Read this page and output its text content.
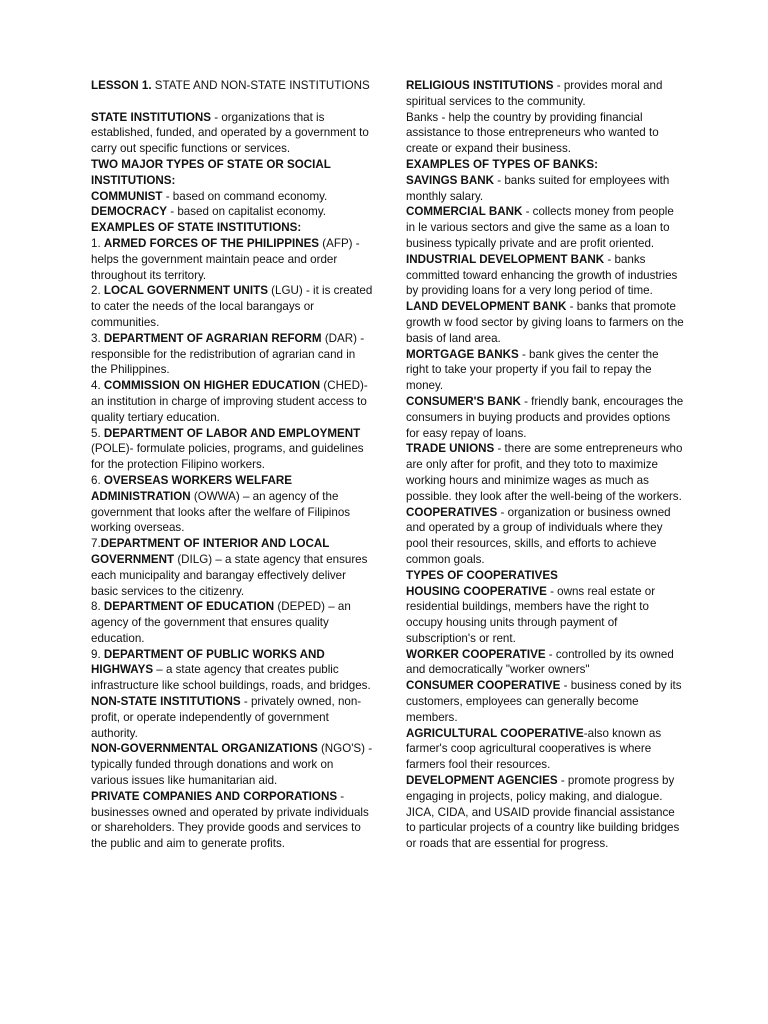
LESSON 1. STATE AND NON-STATE INSTITUTIONS

STATE INSTITUTIONS - organizations that is established, funded, and operated by a government to carry out specific functions or services.

TWO MAJOR TYPES OF STATE OR SOCIAL INSTITUTIONS:

COMMUNIST - based on command economy.

DEMOCRACY - based on capitalist economy.

EXAMPLES OF STATE INSTITUTIONS:

1. ARMED FORCES OF THE PHILIPPINES (AFP) - helps the government maintain peace and order throughout its territory.

2. LOCAL GOVERNMENT UNITS (LGU) - it is created to cater the needs of the local barangays or communities.

3. DEPARTMENT OF AGRARIAN REFORM (DAR) - responsible for the redistribution of agrarian cand in the Philippines.

4. COMMISSION ON HIGHER EDUCATION (CHED)-an institution in charge of improving student access to quality tertiary education.

5. DEPARTMENT OF LABOR AND EMPLOYMENT (POLE)- formulate policies, programs, and guidelines for the protection Filipino workers.

6. OVERSEAS WORKERS WELFARE ADMINISTRATION (OWWA) – an agency of the government that looks after the welfare of Filipinos working overseas.

7.DEPARTMENT OF INTERIOR AND LOCAL GOVERNMENT (DILG) – a state agency that ensures each municipality and barangay effectively deliver basic services to the citizenry.

8. DEPARTMENT OF EDUCATION (DEPED) – an agency of the government that ensures quality education.

9. DEPARTMENT OF PUBLIC WORKS AND HIGHWAYS – a state agency that creates public infrastructure like school buildings, roads, and bridges.

NON-STATE INSTITUTIONS - privately owned, non- profit, or operate independently of government authority.

NON-GOVERNMENTAL ORGANIZATIONS (NGO'S) - typically funded through donations and work on various issues like humanitarian aid.

PRIVATE COMPANIES AND CORPORATIONS - businesses owned and operated by private individuals or shareholders. They provide goods and services to the public and aim to generate profits.

RELIGIOUS INSTITUTIONS - provides moral and spiritual services to the community.

Banks - help the country by providing financial assistance to those entrepreneurs who wanted to create or expand their business.

EXAMPLES OF TYPES OF BANKS:

SAVINGS BANK - banks suited for employees with monthly salary.

COMMERCIAL BANK - collects money from people in le various sectors and give the same as a loan to business typically private and are profit oriented.

INDUSTRIAL DEVELOPMENT BANK - banks committed toward enhancing the growth of industries by providing loans for a very long period of time.

LAND DEVELOPMENT BANK - banks that promote growth w food sector by giving loans to farmers on the basis of land area.

MORTGAGE BANKS - bank gives the center the right to take your property if you fail to repay the money.

CONSUMER'S BANK - friendly bank, encourages the consumers in buying products and provides options for easy repay of loans.

TRADE UNIONS - there are some entrepreneurs who are only after for profit, and they toto to maximize working hours and minimize wages as much as possible. they look after the well-being of the workers.

COOPERATIVES - organization or business owned and operated by a group of individuals where they pool their resources, skills, and efforts to achieve common goals.

TYPES OF COOPERATIVES

HOUSING COOPERATIVE - owns real estate or residential buildings, members have the right to occupy housing units through payment of subscription's or rent.

WORKER COOPERATIVE - controlled by its owned and democratically "worker owners"

CONSUMER COOPERATIVE - business coned by its customers, employees can generally become members.

AGRICULTURAL COOPERATIVE-also known as farmer's coop agricultural cooperatives is where farmers fool their resources.

DEVELOPMENT AGENCIES - promote progress by engaging in projects, policy making, and dialogue. JICA, CIDA, and USAID provide financial assistance to particular projects of a country like building bridges or roads that are essential for progress.
